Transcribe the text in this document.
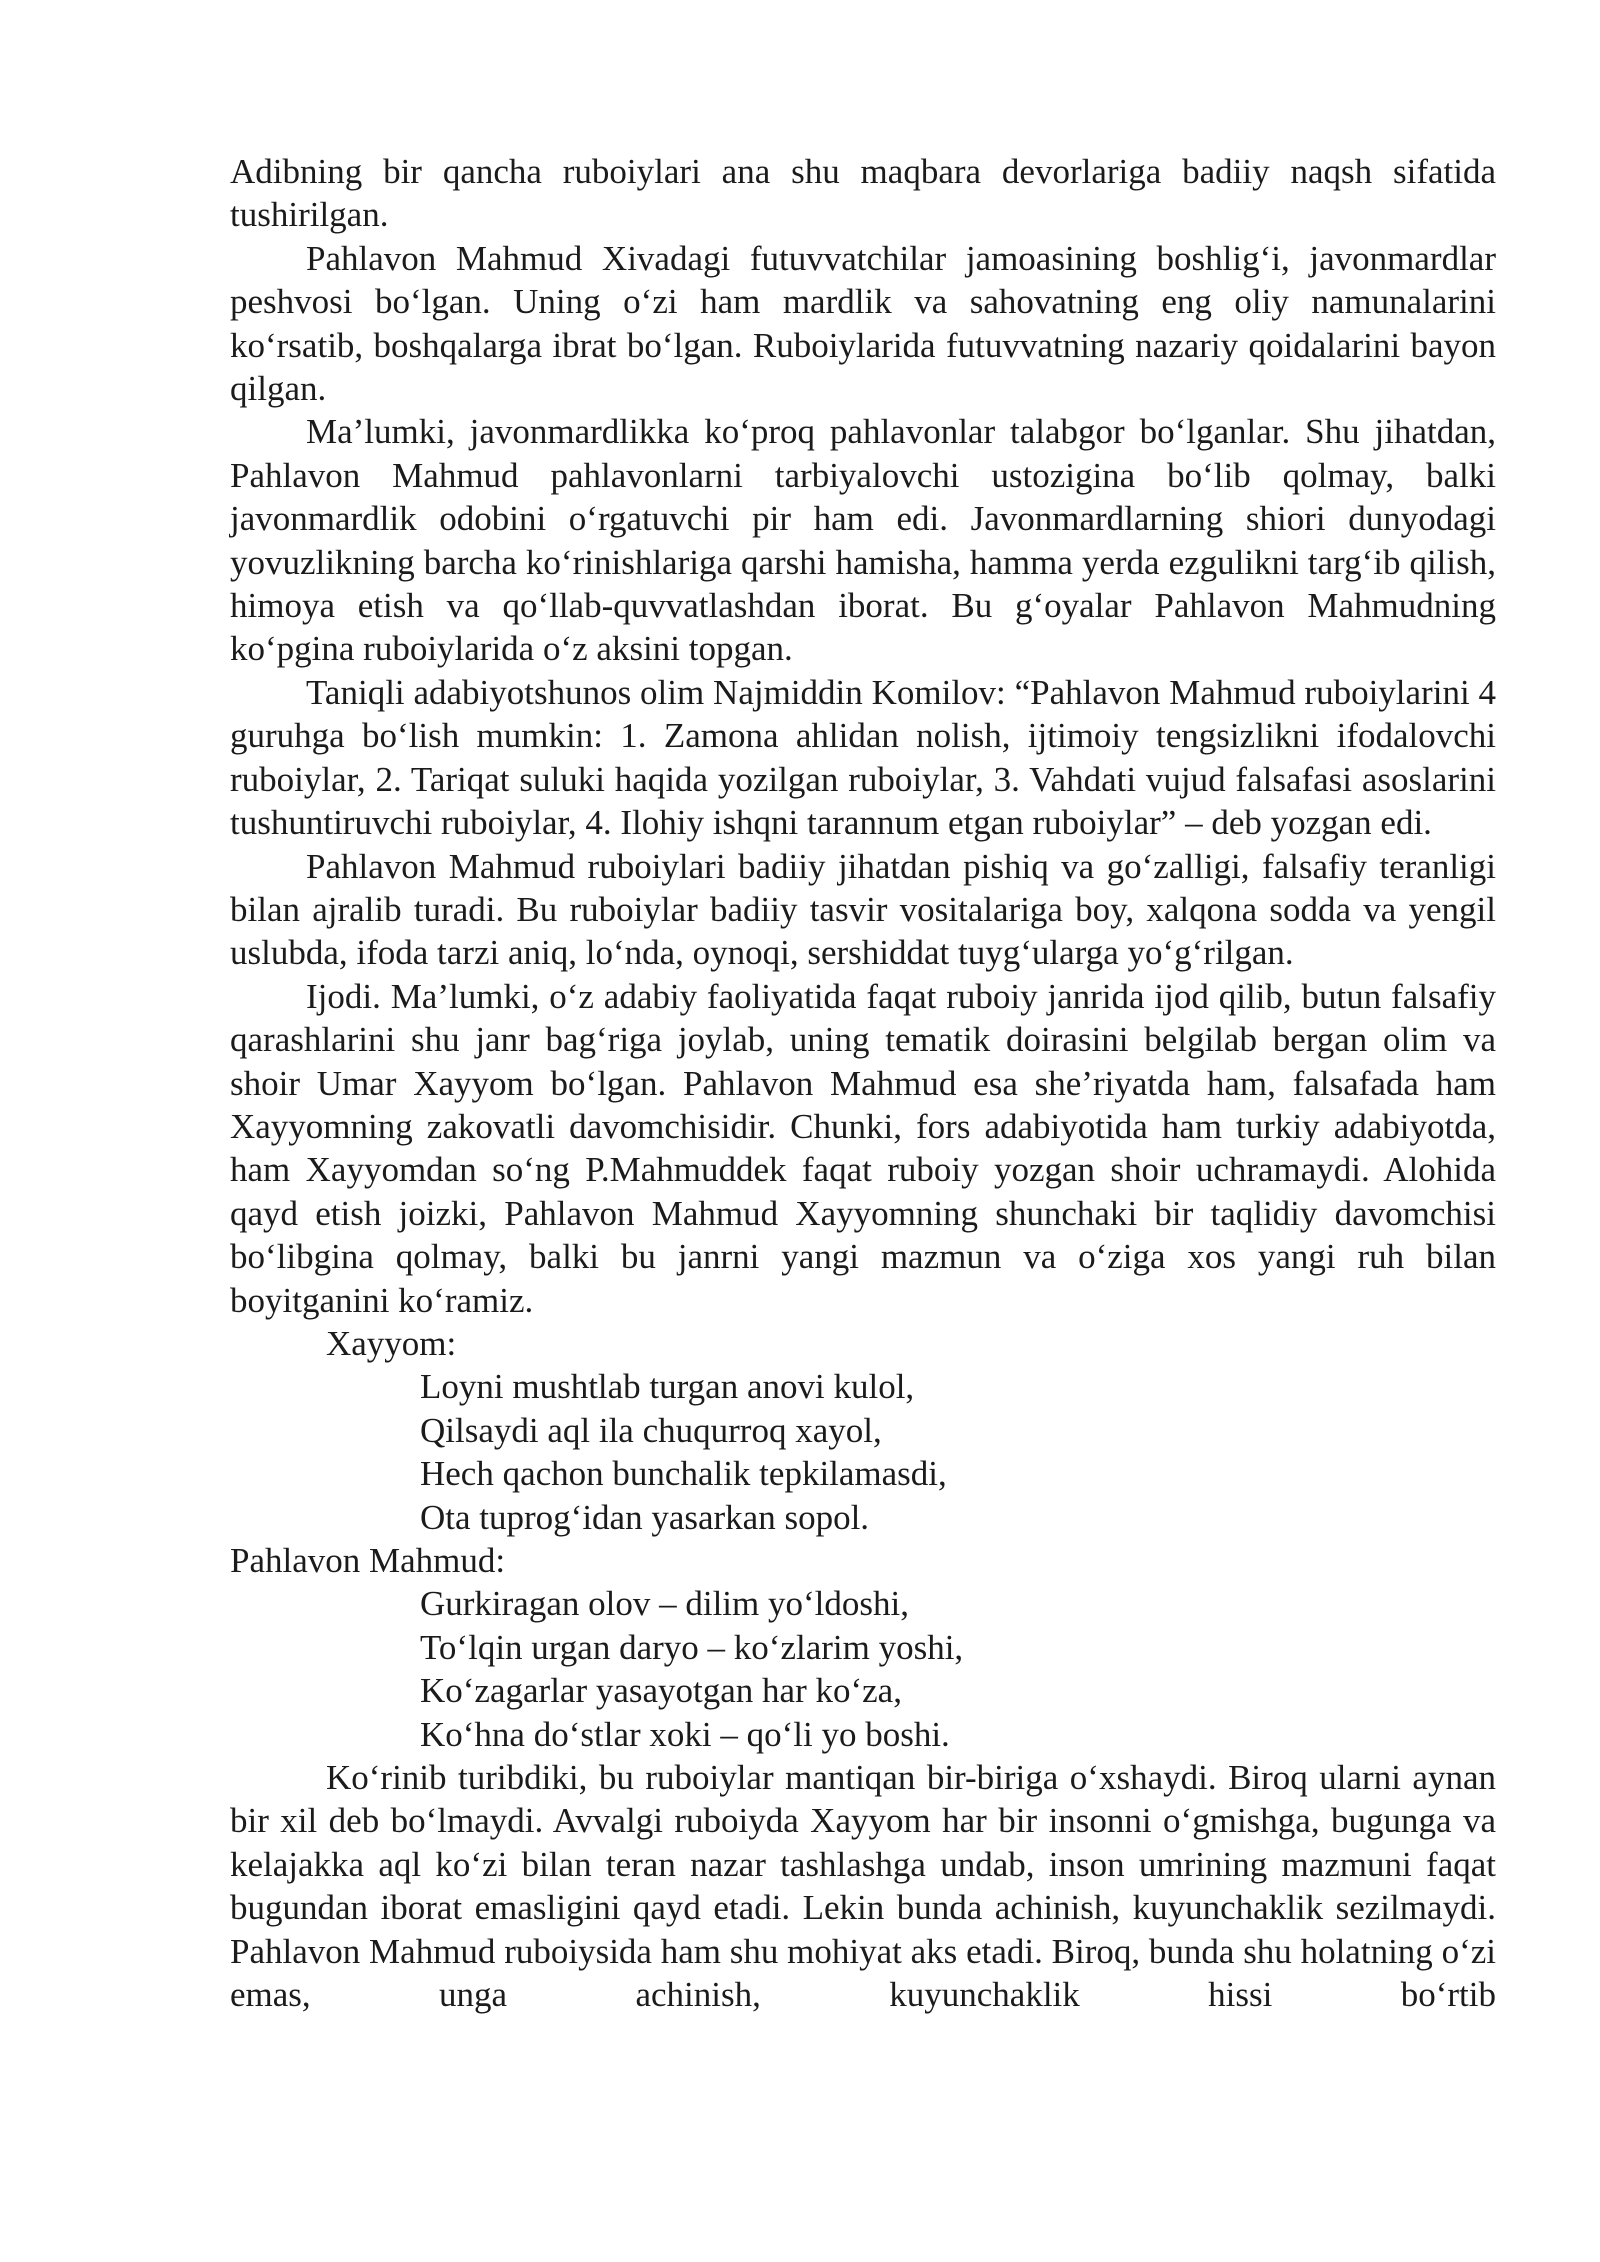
Adibning bir qancha ruboiylari ana shu maqbara devorlariga badiiy naqsh sifatida tushirilgan.

Pahlavon Mahmud Xivadagi futuvvatchilar jamoasining boshlig‘i, javonmardlar peshvosi bo‘lgan. Uning o‘zi ham mardlik va sahovatning eng oliy namunalarini ko‘rsatib, boshqalarga ibrat bo‘lgan. Ruboiylarida futuvvatning nazariy qoidalarini bayon qilgan.

Ma’lumki, javonmardlikka ko‘proq pahlavonlar talabgor bo‘lganlar. Shu jihatdan, Pahlavon Mahmud pahlavonlarni tarbiyalovchi ustozigina bo‘lib qolmay, balki javonmardlik odobini o‘rgatuvchi pir ham edi. Javonmardlarning shiori dunyodagi yovuzlikning barcha ko‘rinishlariga qarshi hamisha, hamma yerda ezgulikni targ‘ib qilish, himoya etish va qo‘llab-quvvatlashdan iborat. Bu g‘oyalar Pahlavon Mahmudning ko‘pgina ruboiylarida o‘z aksini topgan.

Taniqli adabiyotshunos olim Najmiddin Komilov: “Pahlavon Mahmud ruboiylarini 4 guruhga bo‘lish mumkin: 1. Zamona ahlidan nolish, ijtimoiy tengsizlikni ifodalovchi ruboiylar, 2. Tariqat suluki haqida yozilgan ruboiylar, 3. Vahdati vujud falsafasi asoslarini tushuntiruvchi ruboiylar, 4. Ilohiy ishqni tarannum etgan ruboiylar” – deb yozgan edi.

Pahlavon Mahmud ruboiylari badiiy jihatdan pishiq va go‘zalligi, falsafiy teranligi bilan ajralib turadi. Bu ruboiylar badiiy tasvir vositalariga boy, xalqona sodda va yengil uslubda, ifoda tarzi aniq, lo‘nda, oynoqi, sershiddat tuyg‘ularga yo‘g‘rilgan.

Ijodi. Ma’lumki, o‘z adabiy faoliyatida faqat ruboiy janrida ijod qilib, butun falsafiy qarashlarini shu janr bag‘riga joylab, uning tematik doirasini belgilab bergan olim va shoir Umar Xayyom bo‘lgan. Pahlavon Mahmud esa she’riyatda ham, falsafada ham Xayyomning zakovatli davomchisidir. Chunki, fors adabiyotida ham turkiy adabiyotda, ham Xayyomdan so‘ng P.Mahmuddek faqat ruboiy yozgan shoir uchramaydi. Alohida qayd etish joizki, Pahlavon Mahmud Xayyomning shunchaki bir taqlidiy davomchisi bo‘libgina qolmay, balki bu janrni yangi mazmun va o‘ziga xos yangi ruh bilan boyitganini ko‘ramiz.

Xayyom:

Loyni mushtlab turgan anovi kulol,
Qilsaydi aql ila chuqurroq xayol,
Hech qachon bunchalik tepkilamasdi,
Ota tuprog‘idan yasarkan sopol.

Pahlavon Mahmud:

Gurkiragan olov – dilim yo‘ldoshi,
To‘lqin urgan daryo – ko‘zlarim yoshi,
Ko‘zagarlar yasayotgan har ko‘za,
Ko‘hna do‘stlar xoki – qo‘li yo boshi.

Ko‘rinib turibdiki, bu ruboiylar mantiqan bir-biriga o‘xshaydi. Biroq ularni aynan bir xil deb bo‘lmaydi. Avvalgi ruboiyda Xayyom har bir insonni o‘gmishga, bugunga va kelajakka aql ko‘zi bilan teran nazar tashlashga undab, inson umrining mazmuni faqat bugundan iborat emasligini qayd etadi. Lekin bunda achinish, kuyunchaklik sezilmaydi. Pahlavon Mahmud ruboiysida ham shu mohiyat aks etadi. Biroq, bunda shu holatning o‘zi emas, unga achinish, kuyunchaklik hissi bo‘rtib
